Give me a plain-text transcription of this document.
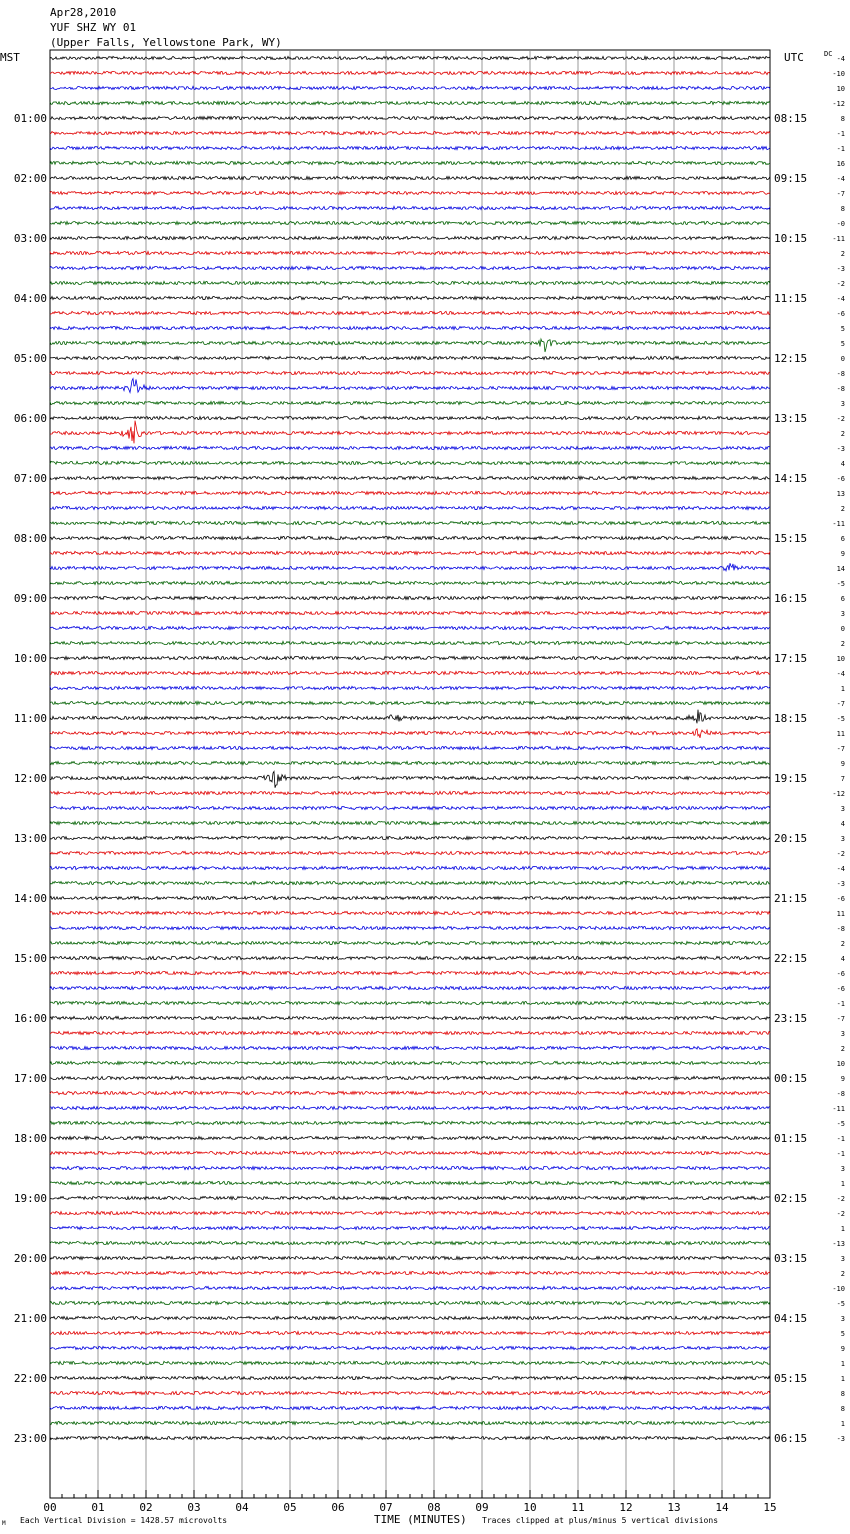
Apr28,2010
YUF SHZ WY 01
(Upper Falls, Yellowstone Park, WY)
MST	UTC	DC
01:00
02:00
03:00
04:00
05:00
06:00
07:00
08:00
09:00
10:00
11:00
12:00
13:00
14:00
15:00
16:00
17:00
18:00
19:00
20:00
21:00
22:00
23:00
08:15
09:15
10:15
11:15
12:15
13:15
14:15
15:15
16:15
17:15
18:15
19:15
20:15
21:15
22:15
23:15
00:15
01:15
02:15
03:15
04:15
05:15
06:15
-4
-10
10
-12
8
-1
-1
16
-4
-7
8
-0
-11
2
-3
-2
-4
-6
5
5
0
-8
-8
3
-2
2
-3
4
-6
13
2
-11
6
9
14
-5
6
3
0
2
10
-4
1
-7
-5
11
-7
9
7
-12
3
4
3
-2
-4
-3
-6
11
-8
2
4
-6
-6
-1
-7
3
2
10
9
-8
-11
-5
-1
-1
3
1
-2
-2
1
-13
3
2
-10
-5
3
5
9
1
1
8
8
1
-3
00	01	02	03	04	05	06	07	08	09	10	11	12	13	14	15
M Each Vertical Division = 1428.57 microvolts	TIME (MINUTES) Traces clipped at plus/minus 5 vertical divisions
